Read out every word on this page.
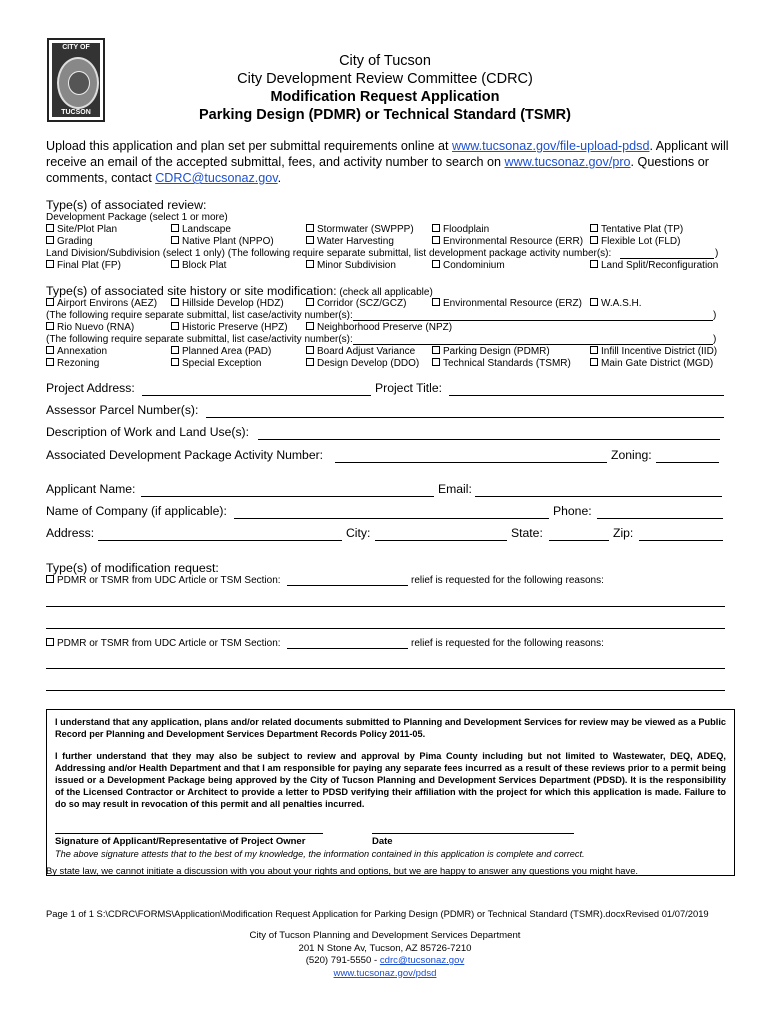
CITY OF
TUCSON
City of Tucson
City Development Review Committee (CDRC)
Modification Request Application
Parking Design (PDMR) or Technical Standard (TSMR)
Upload this application and plan set per submittal requirements online at www.tucsonaz.gov/file-upload-pdsd. Applicant will receive an email of the accepted submittal, fees, and activity number to search on www.tucsonaz.gov/pro. Questions or comments, contact CDRC@tucsonaz.gov.
Type(s) of associated review:
Development Package (select 1 or more)
Site/Plot Plan	Landscape	Stormwater (SWPPP)	Floodplain	Tentative Plat (TP)
Grading	Native Plant (NPPO)	Water Harvesting	Environmental Resource (ERR)	Flexible Lot (FLD)
Land Division/Subdivision (select 1 only) (The following require separate submittal, list development package activity number(s):	)
Final Plat (FP)	Block Plat	Minor Subdivision	Condominium	Land Split/Reconfiguration
Type(s) of associated site history or site modification: (check all applicable)
Airport Environs (AEZ)	Hillside Develop (HDZ)	Corridor (SCZ/GCZ)	Environmental Resource (ERZ)	W.A.S.H.
(The following require separate submittal, list case/activity number(s):	)
Rio Nuevo (RNA)	Historic Preserve (HPZ)	Neighborhood Preserve (NPZ)
(The following require separate submittal, list case/activity number(s):	)
Annexation	Planned Area (PAD)	Board Adjust Variance	Parking Design (PDMR)	Infill Incentive District (IID)
Rezoning	Special Exception	Design Develop (DDO)	Technical Standards (TSMR)	Main Gate District (MGD)
Project Address:	Project Title:
Assessor Parcel Number(s):
Description of Work and Land Use(s):
Associated Development Package Activity Number:	Zoning:
Applicant Name:	Email:
Name of Company (if applicable):	Phone:
Address:	City:	State:	Zip:
Type(s) of modification request:
PDMR or TSMR from UDC Article or TSM Section:	relief is requested for the following reasons:
PDMR or TSMR from UDC Article or TSM Section:	relief is requested for the following reasons:

I understand that any application, plans and/or related documents submitted to Planning and Development Services for review may be viewed as a Public Record per Planning and Development Services Department Records Policy 2011-05.

I further understand that they may also be subject to review and approval by Pima County including but not limited to Wastewater, DEQ, ADEQ, Addressing and/or Health Department and that I am responsible for paying any separate fees incurred as a result of these reviews prior to a permit being issued or a Development Package being approved by the City of Tucson Planning and Development Services Department (PDSD). It is the responsibility of the Licensed Contractor or Architect to provide a letter to PDSD verifying their affiliation with the project for which this application is made. Failure to do so may result in revocation of this permit and all penalties incurred.

Signature of Applicant/Representative of Project Owner	Date
The above signature attests that to the best of my knowledge, the information contained in this application is complete and correct.
By state law, we cannot initiate a discussion with you about your rights and options, but we are happy to answer any questions you might have.
Page 1 of 1 S:\CDRC\FORMS\Application\Modification Request Application for Parking Design (PDMR) or Technical Standard (TSMR).docxRevised 01/07/2019
City of Tucson Planning and Development Services Department
201 N Stone Av, Tucson, AZ 85726-7210
(520) 791-5550 - cdrc@tucsonaz.gov
www.tucsonaz.gov/pdsd
